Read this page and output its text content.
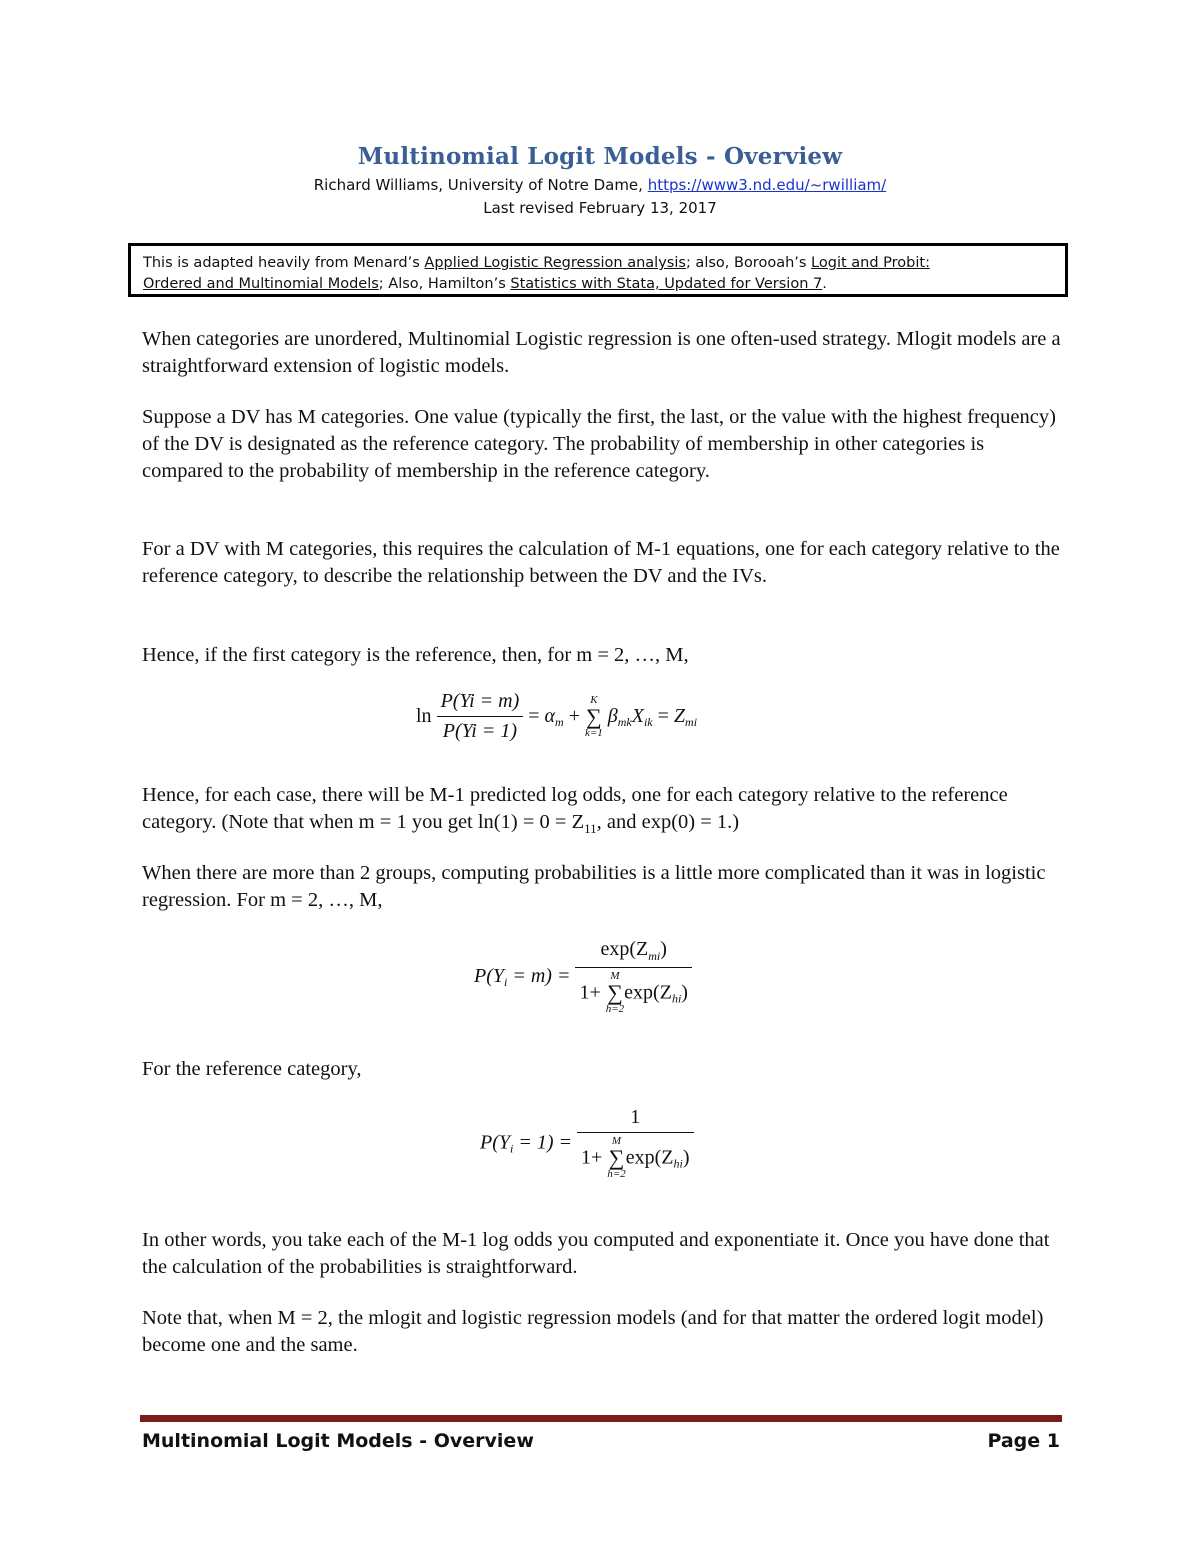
Multinomial Logit Models - Overview
Richard Williams, University of Notre Dame, https://www3.nd.edu/~rwilliam/
Last revised February 13, 2017
This is adapted heavily from Menard’s Applied Logistic Regression analysis; also, Borooah’s Logit and Probit:
Ordered and Multinomial Models; Also, Hamilton’s Statistics with Stata, Updated for Version 7.

When categories are unordered, Multinomial Logistic regression is one often-used strategy. Mlogit models are a straightforward extension of logistic models.

Suppose a DV has M categories. One value (typically the first, the last, or the value with the highest frequency) of the DV is designated as the reference category. The probability of membership in other categories is compared to the probability of membership in the reference category.

For a DV with M categories, this requires the calculation of M-1 equations, one for each category relative to the reference category, to describe the relationship between the DV and the IVs.

Hence, if the first category is the reference, then, for m = 2, …, M,

$\ln \frac{P(Yi = m)}{P(Yi = 1)} = \alpha_m$ +
K
∑
k=1
$\beta_{mk}X_{ik} = Z_{mi}$

Hence, for each case, there will be M-1 predicted log odds, one for each category relative to the reference category. (Note that when m = 1 you get $\ln(1) = 0 = Z_{11}$, and exp(0) = 1.)

When there are more than 2 groups, computing probabilities is a little more complicated than it was in logistic regression. For m = 2, …, M,

$P(Y_i = m)$ =
$\exp(Z_{mi})$
1+
M
∑
h=2
$\exp(Z_{hi})$

For the reference category,

$P(Y_i = 1)$ =
1
1+
M
∑
h=2
$\exp(Z_{hi})$

In other words, you take each of the M-1 log odds you computed and exponentiate it. Once you have done that the calculation of the probabilities is straightforward.

Note that, when M = 2, the mlogit and logistic regression models (and for that matter the ordered logit model) become one and the same.

Multinomial Logit Models - Overview	Page 1
